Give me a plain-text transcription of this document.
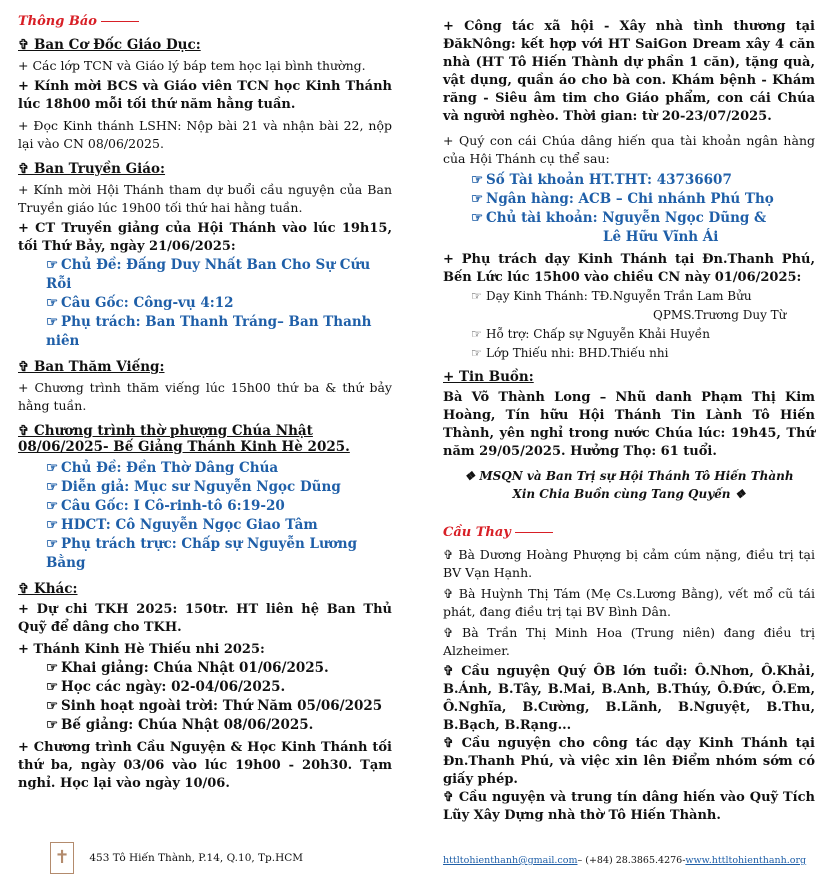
Thông Báo
✞ Ban Cơ Đốc Giáo Dục:
+ Các lớp TCN và Giáo lý báp tem học lại bình thường.
+ Kính mời BCS và Giáo viên TCN học Kinh Thánh lúc 18h00 mỗi tối thứ năm hằng tuần.
+ Đọc Kinh thánh LSHN: Nộp bài 21 và nhận bài 22, nộp lại vào CN 08/06/2025.
✞ Ban Truyền Giáo:
+ Kính mời Hội Thánh tham dự buổi cầu nguyện của Ban Truyền giáo lúc 19h00 tối thứ hai hằng tuần.
+ CT Truyền giảng của Hội Thánh vào lúc 19h15, tối Thứ Bảy, ngày 21/06/2025:
☞ Chủ Đề: Đấng Duy Nhất Ban Cho Sự Cứu Rỗi
☞ Câu Gốc: Công-vụ 4:12
☞ Phụ trách: Ban Thanh Tráng– Ban Thanh niên
✞ Ban Thăm Viếng:
+ Chương trình thăm viếng lúc 15h00 thứ ba & thứ bảy hằng tuần.
✞ Chương trình thờ phượng Chúa Nhật 08/06/2025- Bế Giảng Thánh Kinh Hè 2025.
☞ Chủ Đề: Đền Thờ Dâng Chúa
☞ Diễn giả: Mục sư Nguyễn Ngọc Dũng
☞ Câu Gốc: I Cô-rinh-tô 6:19-20
☞ HDCT: Cô Nguyễn Ngọc Giao Tâm
☞ Phụ trách trực: Chấp sự Nguyễn Lương Bằng
✞ Khác:
+ Dự chi TKH 2025: 150tr. HT liên hệ Ban Thủ Quỹ để dâng cho TKH.
+ Thánh Kinh Hè Thiếu nhi 2025:
☞ Khai giảng: Chúa Nhật 01/06/2025.
☞ Học các ngày: 02-04/06/2025.
☞ Sinh hoạt ngoài trời: Thứ Năm 05/06/2025
☞ Bế giảng: Chúa Nhật 08/06/2025.
+ Chương trình Cầu Nguyện & Học Kinh Thánh tối thứ ba, ngày 03/06 vào lúc 19h00 - 20h30. Tạm nghỉ. Học lại vào ngày 10/06.
✝ 453 Tô Hiến Thành, P.14, Q.10, Tp.HCM
+ Công tác xã hội - Xây nhà tình thương tại ĐăkNông: kết hợp với HT SaiGon Dream xây 4 căn nhà (HT Tô Hiến Thành dự phần 1 căn), tặng quà, vật dụng, quần áo cho bà con. Khám bệnh - Khám răng - Siêu âm tim cho Giáo phẩm, con cái Chúa và người nghèo. Thời gian: từ 20-23/07/2025.
+ Quý con cái Chúa dâng hiến qua tài khoản ngân hàng của Hội Thánh cụ thể sau:
☞ Số Tài khoản HT.THT: 43736607
☞ Ngân hàng: ACB – Chi nhánh Phú Thọ
☞ Chủ tài khoản: Nguyễn Ngọc Dũng &
Lê Hữu Vĩnh Ái
+ Phụ trách dạy Kinh Thánh tại Đn.Thanh Phú, Bến Lức lúc 15h00 vào chiều CN này 01/06/2025:
☞ Dạy Kinh Thánh: TĐ.Nguyễn Trần Lam Bửu
QPMS.Trương Duy Từ
☞ Hỗ trợ: Chấp sự Nguyễn Khải Huyền
☞ Lớp Thiếu nhi: BHD.Thiếu nhi
+ Tin Buồn:
Bà Võ Thành Long – Nhũ danh Phạm Thị Kim Hoàng, Tín hữu Hội Thánh Tin Lành Tô Hiến Thành, yên nghỉ trong nước Chúa lúc: 19h45, Thứ năm 29/05/2025. Hưởng Thọ: 61 tuổi.
❖ MSQN và Ban Trị sự Hội Thánh Tô Hiến Thành
Xin Chia Buồn cùng Tang Quyến ❖
Cầu Thay
✞ Bà Dương Hoàng Phượng bị cảm cúm nặng, điều trị tại BV Vạn Hạnh.
✞ Bà Huỳnh Thị Tám (Mẹ Cs.Lương Bằng), vết mổ cũ tái phát, đang điều trị tại BV Bình Dân.
✞ Bà Trần Thị Minh Hoa (Trung niên) đang điều trị Alzheimer.
✞ Cầu nguyện Quý ÔB lớn tuổi: Ô.Nhơn, Ô.Khải, B.Ánh, B.Tây, B.Mai, B.Anh, B.Thúy, Ô.Đức, Ô.Em, Ô.Nghĩa, B.Cường, B.Lãnh, B.Nguyệt, B.Thu, B.Bạch, B.Rạng...
✞ Cầu nguyện cho công tác dạy Kinh Thánh tại Đn.Thanh Phú, và việc xin lên Điểm nhóm sớm có giấy phép.
✞ Cầu nguyện và trung tín dâng hiến vào Quỹ Tích Lũy Xây Dựng nhà thờ Tô Hiến Thành.
httltohienthanh@gmail.com– (+84) 28.3865.4276-www.httltohienthanh.org
